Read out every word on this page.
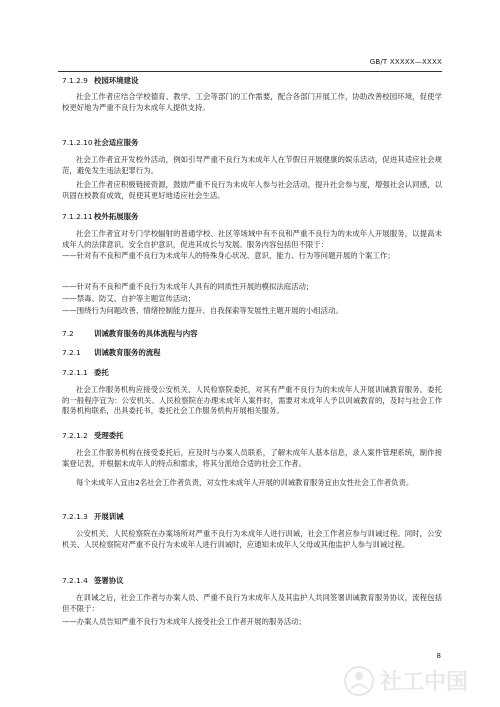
GB/T XXXXX—XXXX
7.1.2.9 校园环境建设
社会工作者应结合学校德育、教学、工会等部门的工作需要，配合各部门开展工作，协助改善校园环境，促使学校更好地为严重不良行为未成年人提供支持。
7.1.2.10社会适应服务
社会工作者宜开发校外活动，例如引导严重不良行为未成年人在节假日开展健康的娱乐活动，促进其适应社会规范，避免发生违法犯罪行为。
社会工作者应积极链接资源，鼓励严重不良行为未成年人参与社会活动，提升社会参与度，增强社会认同感，以巩固在校教育成效，促使其更好地适应社会生活。
7.1.2.11校外拓展服务
社会工作者宜对专门学校辐射的普通学校、社区等场域中有不良和严重不良行为的未成年人开展服务，以提高未成年人的法律意识、安全自护意识，促进其成长与发展。服务内容包括但不限于：
——针对有不良和严重不良行为未成年人的特殊身心状况、意识、能力、行为等问题开展的个案工作；
——针对有不良和严重不良行为未成年人具有的同质性开展的模拟法庭活动；
——禁毒、防艾、自护等主题宣传活动；
——围绕行为问题改善、情绪控制能力提升、自我探索等发展性主题开展的小组活动。
7.2	训诫教育服务的具体流程与内容
7.2.1 训诫教育服务的流程
7.2.1.1 委托
社会工作服务机构应接受公安机关、人民检察院委托，对其有严重不良行为的未成年人开展训诫教育服务。委托的一般程序宜为：公安机关、人民检察院在办理未成年人案件时，需要对未成年人予以训诫教育的，及时与社会工作服务机构联系，出具委托书，委托社会工作服务机构开展相关服务。
7.2.1.2 受理委托
社会工作服务机构在接受委托后，应及时与办案人员联系，了解未成年人基本信息，录入案件管理系统，制作接案登记表，并根据未成年人的特点和需求，将其分派给合适的社会工作者。
每个未成年人宜由2名社会工作者负责，对女性未成年人开展的训诫教育服务宜由女性社会工作者负责。
7.2.1.3 开展训诫
公安机关、人民检察院在办案场所对严重不良行为未成年人进行训诫，社会工作者应参与训诫过程。同时，公安机关、人民检察院对严重不良行为未成年人进行训诫时，应通知未成年人父母或其他监护人参与训诫过程。
7.2.1.4 签署协议
在训诫之后，社会工作者与办案人员、严重不良行为未成年人及其监护人共同签署训诫教育服务协议，流程包括但不限于：
——办案人员告知严重不良行为未成年人接受社会工作者开展的服务活动；
8
社工中国
